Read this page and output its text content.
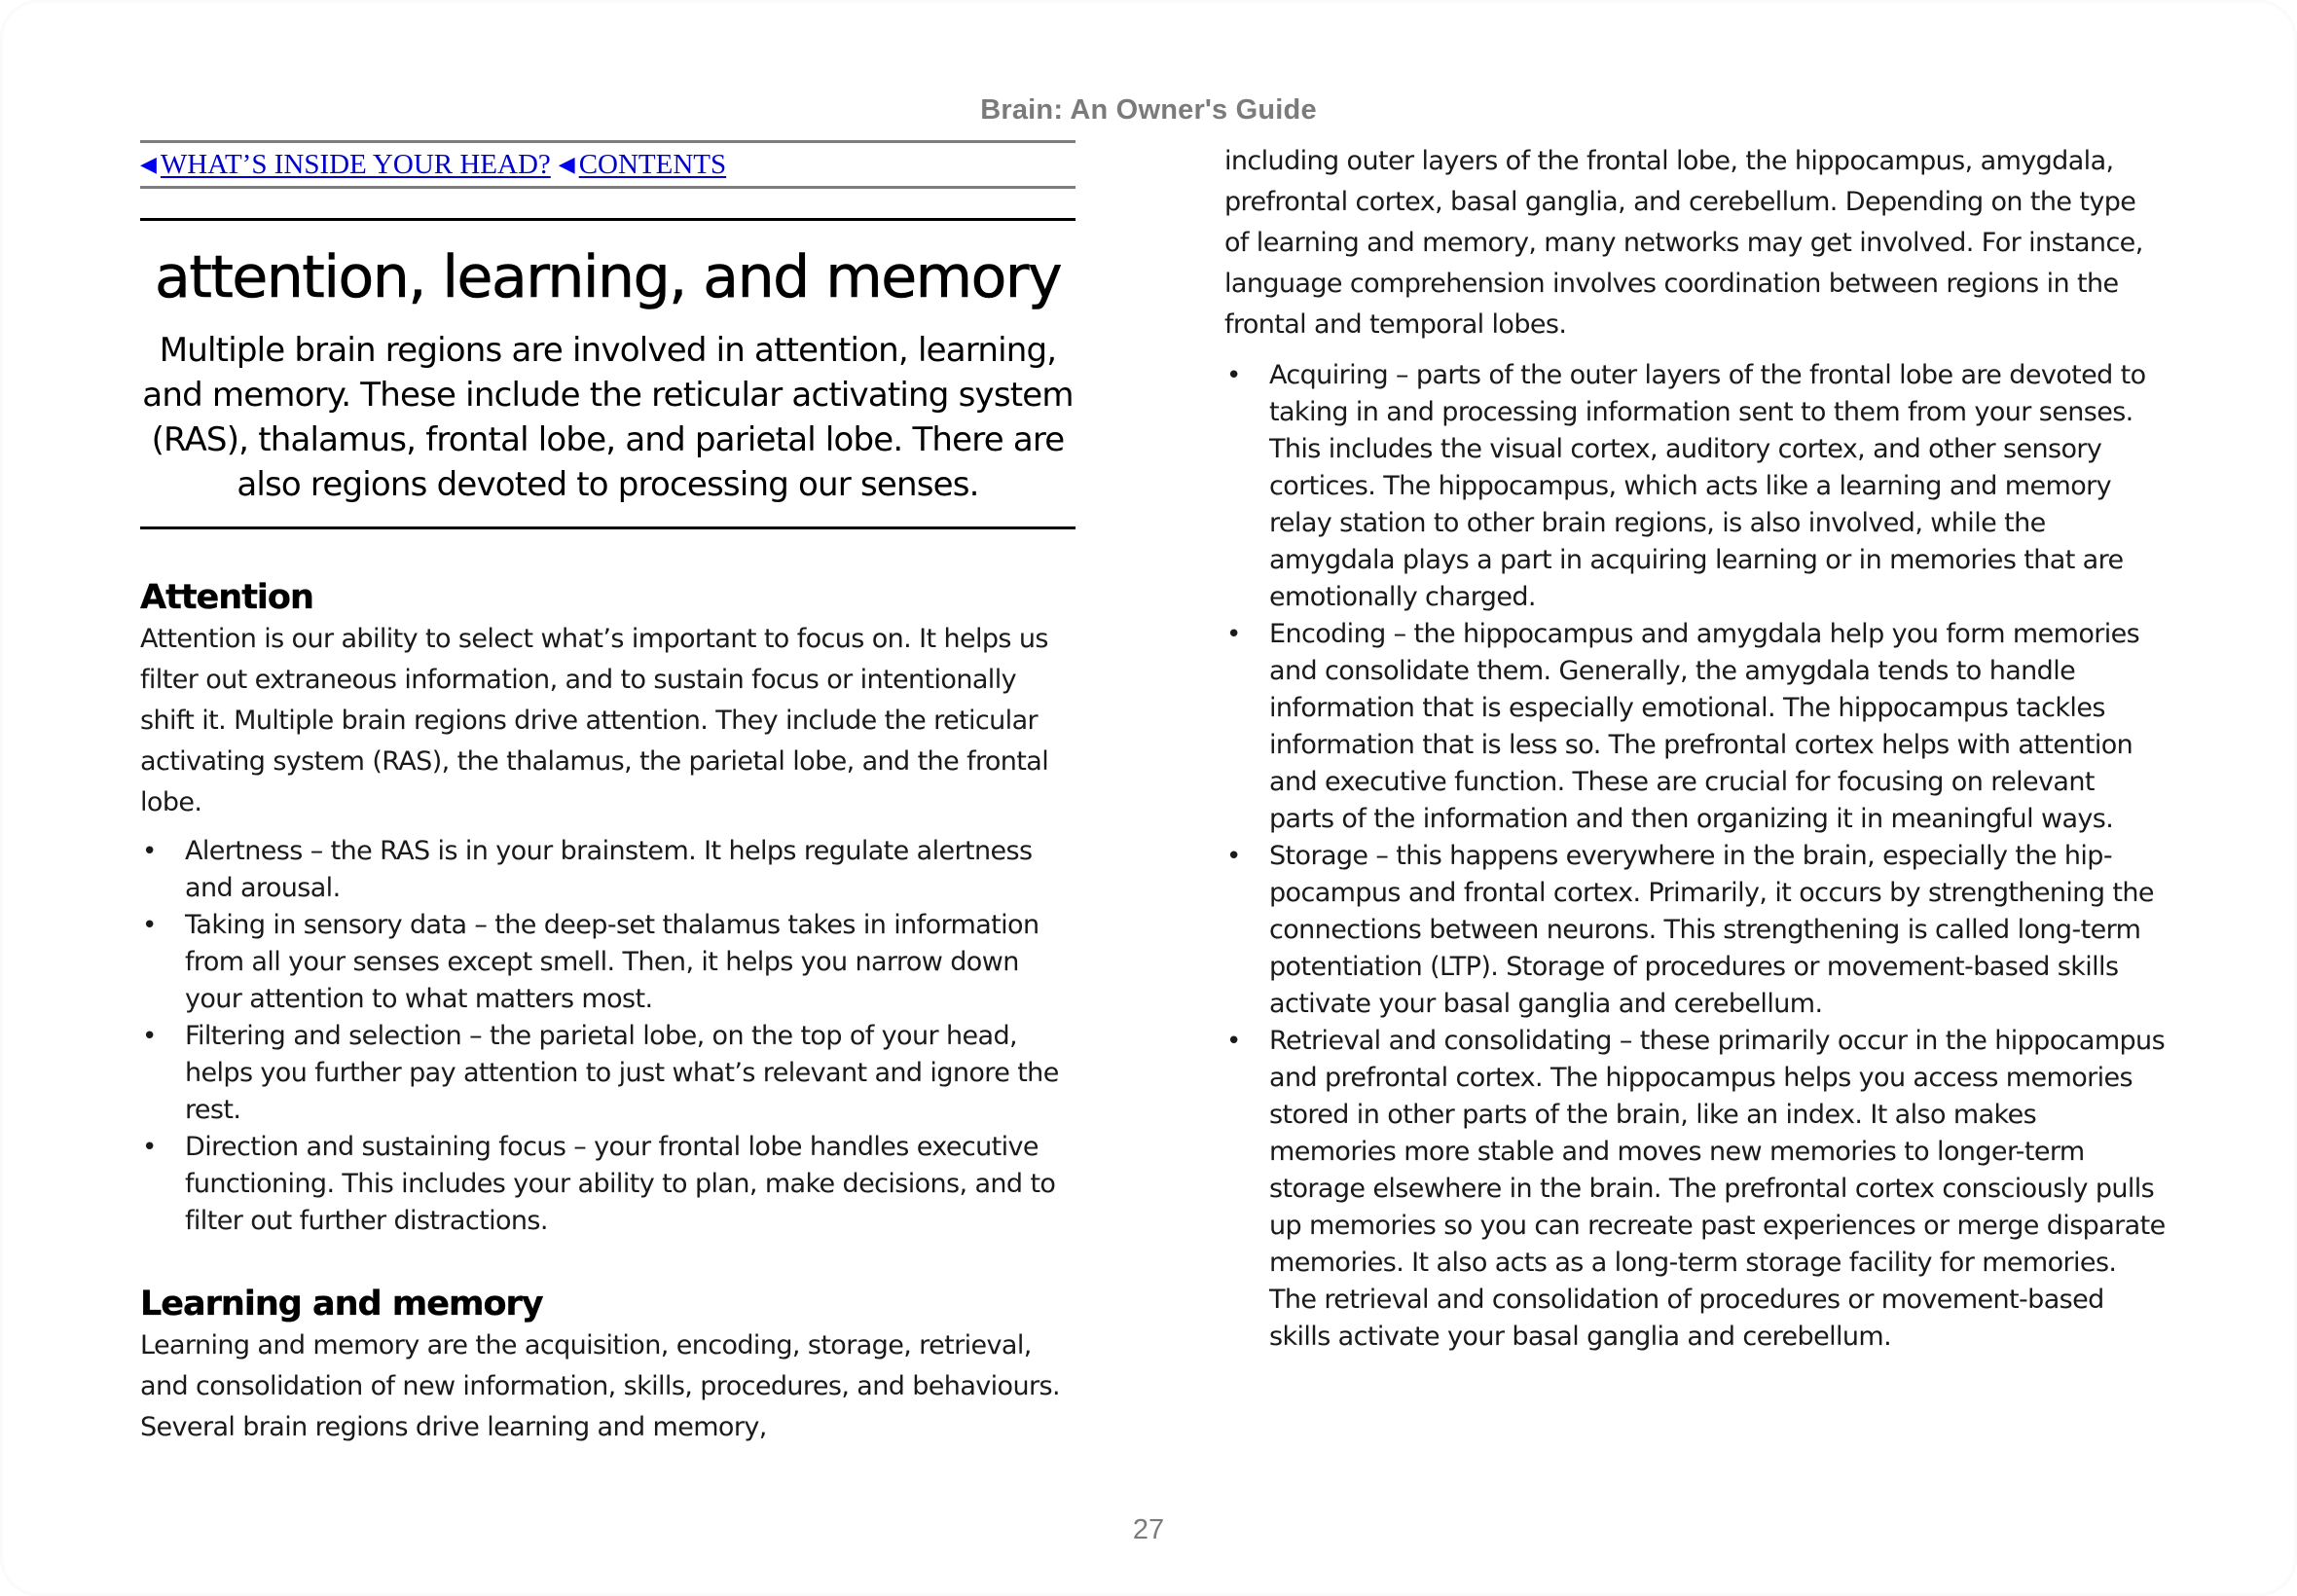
Brain: An Owner's Guide
◀ WHAT’S INSIDE YOUR HEAD? ◀ CONTENTS
attention, learning, and memory

Multiple brain regions are involved in attention, learning, and memory. These include the reticular activating system (RAS), thalamus, frontal lobe, and parietal lobe. There are also regions devoted to processing our senses.

Attention

Attention is our ability to select what’s important to focus on. It helps us filter out extraneous information, and to sustain focus or intentionally shift it. Multiple brain regions drive attention. They include the reticular activating system (RAS), the thalamus, the parietal lobe, and the frontal lobe.

• Alertness – the RAS is in your brainstem. It helps regulate alertness and arousal.
• Taking in sensory data – the deep-set thalamus takes in information from all your senses except smell. Then, it helps you narrow down your attention to what matters most.
• Filtering and selection – the parietal lobe, on the top of your head, helps you further pay attention to just what’s relevant and ignore the rest.
• Direction and sustaining focus – your frontal lobe handles executive functioning. This includes your ability to plan, make decisions, and to filter out further distractions.
Learning and memory

Learning and memory are the acquisition, encoding, storage, retrieval, and consolidation of new information, skills, procedures, and behaviours. Several brain regions drive learning and memory,

including outer layers of the frontal lobe, the hippocampus, amygdala, prefrontal cortex, basal ganglia, and cerebellum. Depending on the type of learning and memory, many networks may get involved. For instance, language comprehension involves coordination between regions in the frontal and temporal lobes.

• Acquiring – parts of the outer layers of the frontal lobe are devoted to taking in and processing information sent to them from your senses. This includes the visual cortex, auditory cortex, and other sensory cortices. The hippocampus, which acts like a learning and memory relay station to other brain regions, is also involved, while the amygdala plays a part in acquiring learning or in memories that are emotionally charged.
• Encoding – the hippocampus and amygdala help you form memories and consolidate them. Generally, the amygdala tends to handle information that is especially emotional. The hippocampus tackles information that is less so. The prefrontal cortex helps with attention and executive function. These are crucial for focusing on relevant parts of the information and then organizing it in meaningful ways.
• Storage – this happens everywhere in the brain, especially the hippocampus and frontal cortex. Primarily, it occurs by strengthening the connections between neurons. This strengthening is called long-term potentiation (LTP). Storage of procedures or movement-based skills activate your basal ganglia and cerebellum.
• Retrieval and consolidating – these primarily occur in the hippocampus and prefrontal cortex. The hippocampus helps you access memories stored in other parts of the brain, like an index. It also makes memories more stable and moves new memories to longer-term storage elsewhere in the brain. The prefrontal cortex consciously pulls up memories so you can recreate past experiences or merge disparate memories. It also acts as a long-term storage facility for memories. The retrieval and consolidation of procedures or movement-based skills activate your basal ganglia and cerebellum.
27
